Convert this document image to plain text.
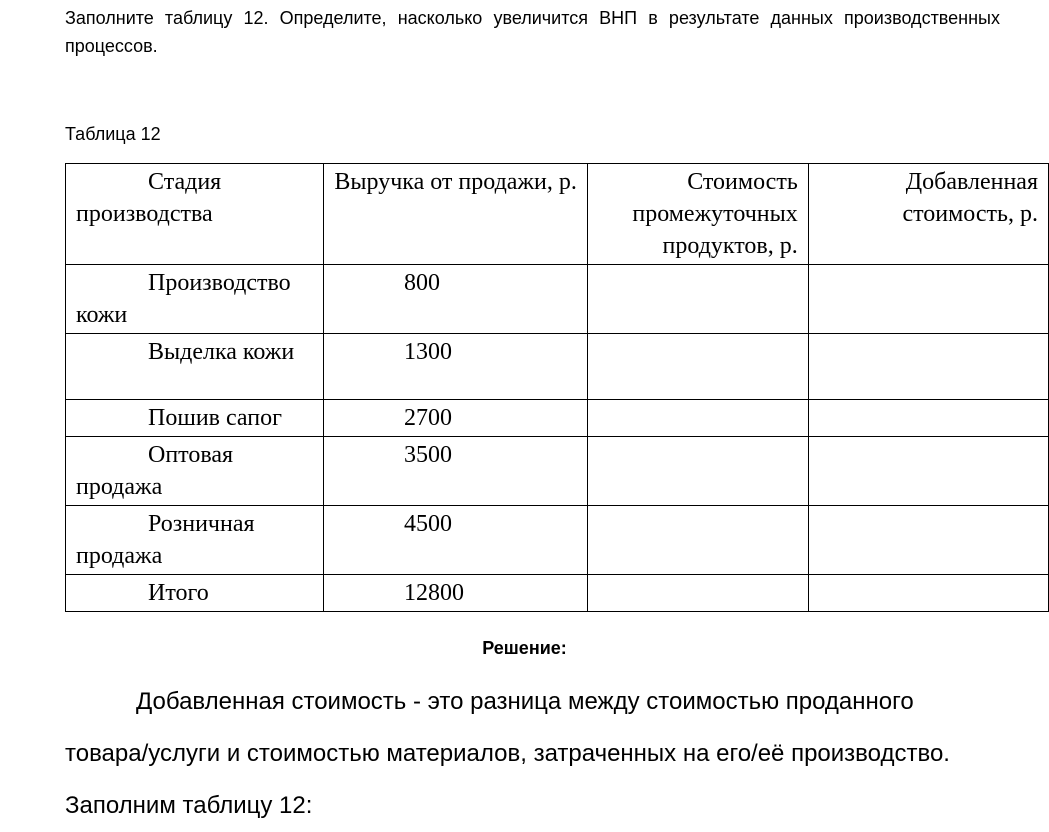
Заполните таблицу 12. Определите, насколько увеличится ВНП в результате данных производственных процессов.
Таблица 12
Стадия производства	Выручка от продажи, р.	Стоимость промежуточных продуктов, р.	Добавленная стоимость, р.
Производство кожи	800		
Выделка кожи	1300		
Пошив сапог	2700		
Оптовая продажа	3500		
Розничная продажа	4500		
Итого	12800		
Решение:
Добавленная стоимость - это разница между стоимостью проданного товара/услуги и стоимостью материалов, затраченных на его/её производство. Заполним таблицу 12:
